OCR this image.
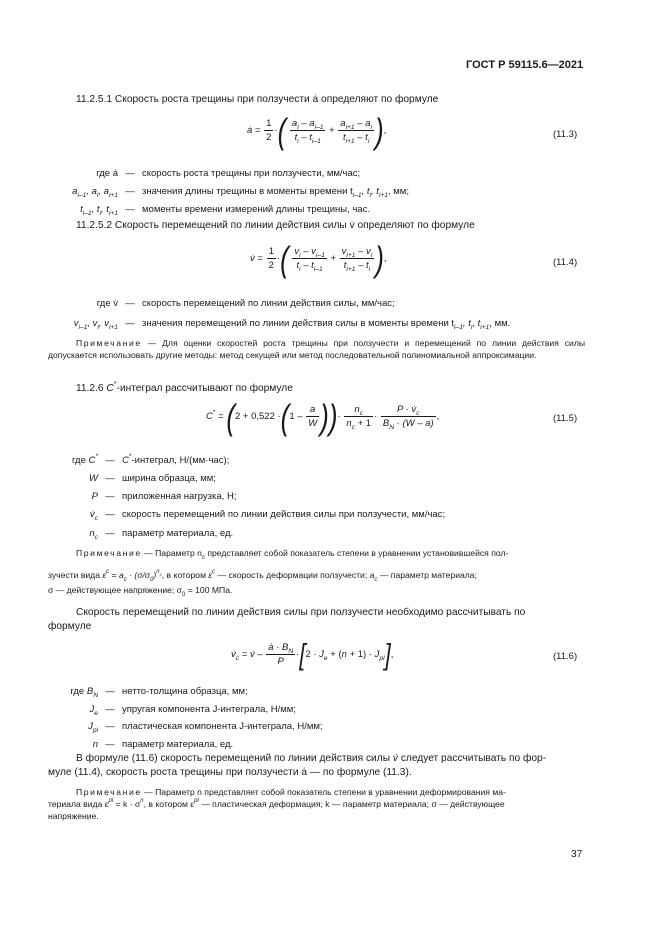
ГОСТ Р 59115.6—2021
11.2.5.1 Скорость роста трещины при ползучести ȧ определяют по формуле
ȧ = $\frac{1}{2}$ ·( $\frac{a_i - a_{i-1}}{t_i - t_{i-1}} + \frac{a_{i+1} - a_i}{t_{i+1} - t_i}$ ),	(11.3)
где ȧ — скорость роста трещины при ползучести, мм/час;
$a_{i-1}$, $a_i$, $a_{i+1}$ — значения длины трещины в моменты времени $t_{i-1}$, $t_i$, $t_{i+1}$, мм;
$t_{i-1}$, $t_i$, $t_{i+1}$ — моменты времени измерений длины трещины, час.
11.2.5.2 Скорость перемещений по линии действия силы v̇ определяют по формуле
v̇ = $\frac{1}{2}$ ·( $\frac{v_i - v_{i-1}}{t_i - t_{i-1}} + \frac{v_{i+1} - v_i}{t_{i+1} - t_i}$ ),	(11.4)
где v̇ — скорость перемещений по линии действия силы, мм/час;
$v_{i-1}$, $v_i$, $v_{i+1}$ — значения перемещений по линии действия силы в моменты времени $t_{i-1}$, $t_i$, $t_{i+1}$, мм.
Примечание — Для оценки скоростей роста трещины при ползучести и перемещений по линии действия силы допускается использовать другие методы: метод секущей или метод последовательной полиномиальной аппроксимации.
11.2.6 C*-интеграл рассчитывают по формуле
$C^* = (2 + 0,522 \cdot(1 - \frac{a}{W}$ ))· $\frac{n_c}{n_c + 1} \cdot \frac{P \cdot v̇_c}{B_N \cdot (W - a)}$ ,	(11.5)
где C* — C*-интеграл, Н/(мм·час);
W — ширина образца, мм;
P — приложенная нагрузка, Н;
$v̇_c$ — скорость перемещений по линии действия силы при ползучести, мм/час;
$n_c$ — параметр материала, ед.
Примечание — Параметр $n_c$ представляет собой показатель степени в уравнении установившейся пол-
зучести вида ε̇$^c$ = $a_c \cdot (\sigma/\sigma_0)^{n_c}$, в котором ε̇$^c$ — скорость деформации ползучести; $a_c$ — параметр материала;
σ — действующее напряжение; $\sigma_0 = 100$ МПа.
Скорость перемещений по линии действия силы при ползучести необходимо рассчитывать по
формуле
$v̇_c$ = v̇ – $\frac{ȧ \cdot B_N}{P} \cdot[2 \cdot J_e + (n + 1) \cdot J_{pl}]$,	(11.6)
где $B_N$ — нетто-толщина образца, мм;
$J_e$ — упругая компонента J-интеграла, Н/мм;
$J_{pl}$ — пластическая компонента J-интеграла, Н/мм;
n — параметр материала, ед.
В формуле (11.6) скорость перемещений по линии действия силы v̇ следует рассчитывать по фор-
муле (11.4), скорость роста трещины при ползучести ȧ — по формуле (11.3).
Примечание — Параметр n представляет собой показатель степени в уравнении деформирования ма-
териала вида $\varepsilon^{pl} = k \cdot \sigma^n$, в котором $\varepsilon^{pl}$ — пластическая деформация; k — параметр материала; σ — действующее
напряжение.
37
